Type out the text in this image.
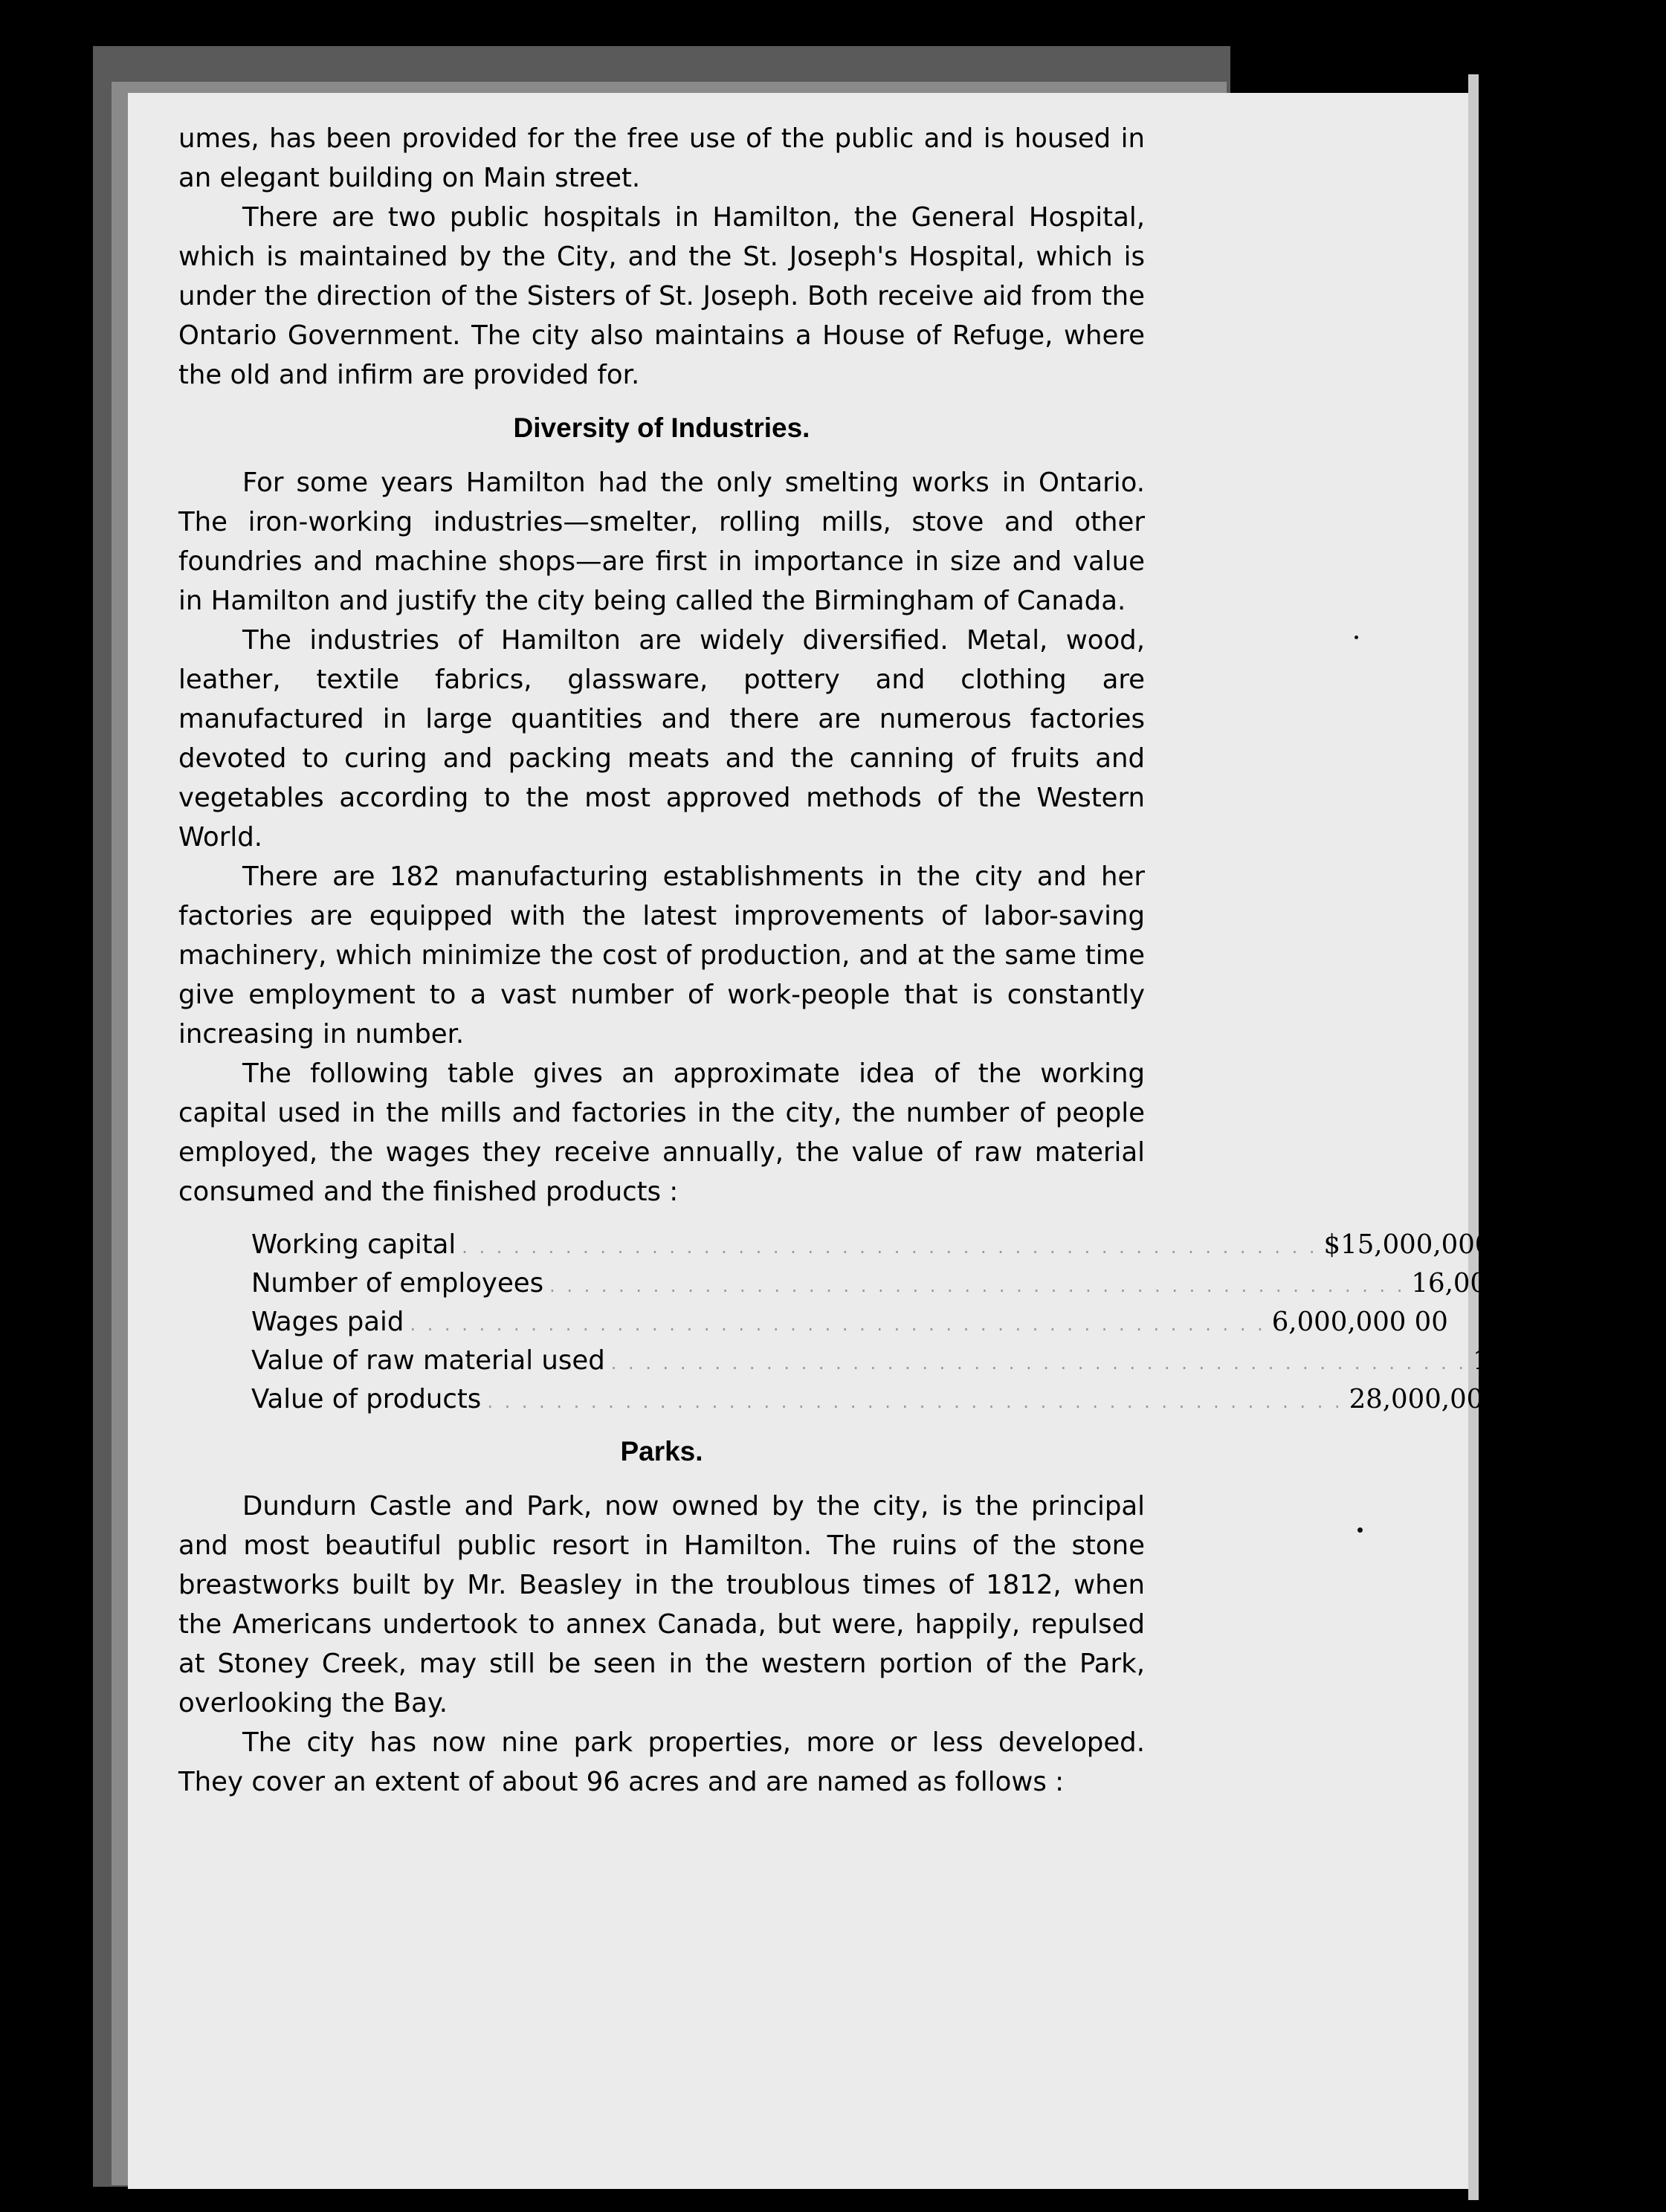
umes, has been provided for the free use of the public and is housed in an elegant building on Main street.

There are two public hospitals in Hamilton, the General Hospital, which is maintained by the City, and the St. Joseph's Hospital, which is under the direction of the Sisters of St. Joseph. Both receive aid from the Ontario Government. The city also maintains a House of Refuge, where the old and infirm are provided for.

Diversity of Industries.

For some years Hamilton had the only smelting works in Ontario. The iron-working industries—smelter, rolling mills, stove and other foundries and machine shops—are first in importance in size and value in Hamilton and justify the city being called the Birmingham of Canada.

The industries of Hamilton are widely diversified. Metal, wood, leather, textile fabrics, glassware, pottery and clothing are manufactured in large quantities and there are numerous factories devoted to curing and packing meats and the canning of fruits and vegetables according to the most approved methods of the Western World.

There are 182 manufacturing establishments in the city and her factories are equipped with the latest improvements of labor-saving machinery, which minimize the cost of production, and at the same time give employment to a vast number of work-people that is constantly increasing in number.

The following table gives an approximate idea of the working capital used in the mills and factories in the city, the number of people employed, the wages they receive annually, the value of raw material consumed and the finished products :

Working capital . . . . . . . . . . . . . . . . . . . . . . . . . . . . . . . . . . . . . . . . . . . . . . . . . . $15,000,000 00
Number of employees . . . . . . . . . . . . . . . . . . . . . . . . . . . . . . . . . . . . . . . . . . . . . . . . . . 16,000
Wages paid . . . . . . . . . . . . . . . . . . . . . . . . . . . . . . . . . . . . . . . . . . . . . . . . . . 6,000,000 00
Value of raw material used . . . . . . . . . . . . . . . . . . . . . . . . . . . . . . . . . . . . . . . . . . . . . . . . . . 14,000,000 00
Value of products . . . . . . . . . . . . . . . . . . . . . . . . . . . . . . . . . . . . . . . . . . . . . . . . . . 28,000,000 00
Parks.

Dundurn Castle and Park, now owned by the city, is the principal and most beautiful public resort in Hamilton. The ruins of the stone breastworks built by Mr. Beasley in the troublous times of 1812, when the Americans undertook to annex Canada, but were, happily, repulsed at Stoney Creek, may still be seen in the western portion of the Park, overlooking the Bay.

The city has now nine park properties, more or less developed. They cover an extent of about 96 acres and are named as follows :
